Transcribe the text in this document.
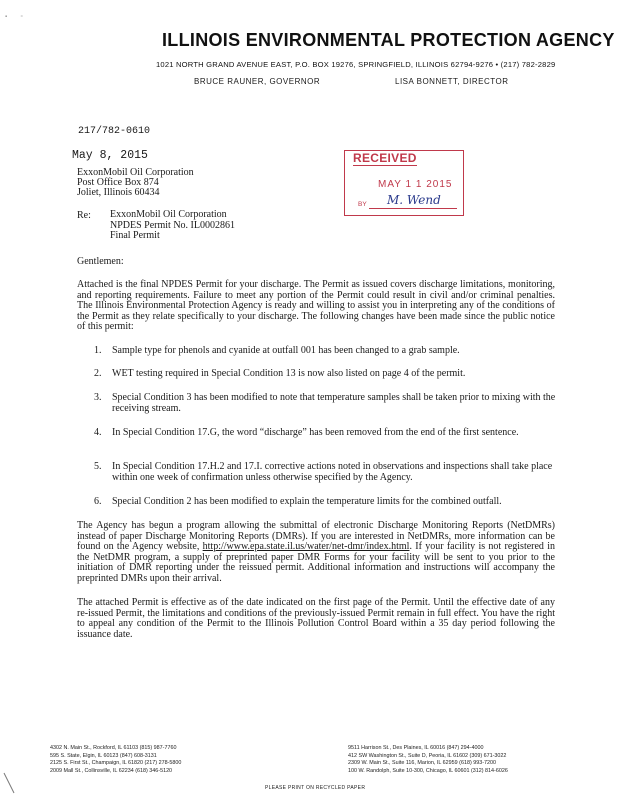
▪         ▫
ILLINOIS ENVIRONMENTAL PROTECTION AGENCY
1021 NORTH GRAND AVENUE EAST, P.O. BOX 19276, SPRINGFIELD, ILLINOIS 62794-9276 • (217) 782-2829
BRUCE RAUNER, GOVERNOR	LISA BONNETT, DIRECTOR
217/782-0610
May 8, 2015
ExxonMobil Oil Corporation
Post Office Box 874
Joliet, Illinois 60434
RECEIVED
MAY 1 1 2015
BY M. Wend
Re: ExxonMobil Oil Corporation
NPDES Permit No. IL0002861
Final Permit
Gentlemen:
Attached is the final NPDES Permit for your discharge. The Permit as issued covers discharge limitations, monitoring, and reporting requirements. Failure to meet any portion of the Permit could result in civil and/or criminal penalties. The Illinois Environmental Protection Agency is ready and willing to assist you in interpreting any of the conditions of the Permit as they relate specifically to your discharge. The following changes have been made since the public notice of this permit:
1. Sample type for phenols and cyanide at outfall 001 has been changed to a grab sample.
2. WET testing required in Special Condition 13 is now also listed on page 4 of the permit.
3. Special Condition 3 has been modified to note that temperature samples shall be taken prior to mixing with the receiving stream.
4. In Special Condition 17.G, the word “discharge” has been removed from the end of the first sentence.
5. In Special Condition 17.H.2 and 17.I. corrective actions noted in observations and inspections shall take place within one week of confirmation unless otherwise specified by the Agency.
6. Special Condition 2 has been modified to explain the temperature limits for the combined outfall.
The Agency has begun a program allowing the submittal of electronic Discharge Monitoring Reports (NetDMRs) instead of paper Discharge Monitoring Reports (DMRs). If you are interested in NetDMRs, more information can be found on the Agency website, http://www.epa.state.il.us/water/net-dmr/index.html. If your facility is not registered in the NetDMR program, a supply of preprinted paper DMR Forms for your facility will be sent to you prior to the initiation of DMR reporting under the reissued permit. Additional information and instructions will accompany the preprinted DMRs upon their arrival.
The attached Permit is effective as of the date indicated on the first page of the Permit. Until the effective date of any re-issued Permit, the limitations and conditions of the previously-issued Permit remain in full effect. You have the right to appeal any condition of the Permit to the Illinois Pollution Control Board within a 35 day period following the issuance date.
4302 N. Main St., Rockford, IL 61103 (815) 987-7760
595 S. State, Elgin, IL 60123 (847) 608-3131
2125 S. First St., Champaign, IL 61820 (217) 278-5800
2009 Mall St., Collinsville, IL 62234 (618) 346-5120
9511 Harrison St., Des Plaines, IL 60016 (847) 294-4000
412 SW Washington St., Suite D, Peoria, IL 61602 (309) 671-3022
2309 W. Main St., Suite 116, Marion, IL 62959 (618) 993-7200
100 W. Randolph, Suite 10-300, Chicago, IL 60601 (312) 814-6026
PLEASE PRINT ON RECYCLED PAPER
